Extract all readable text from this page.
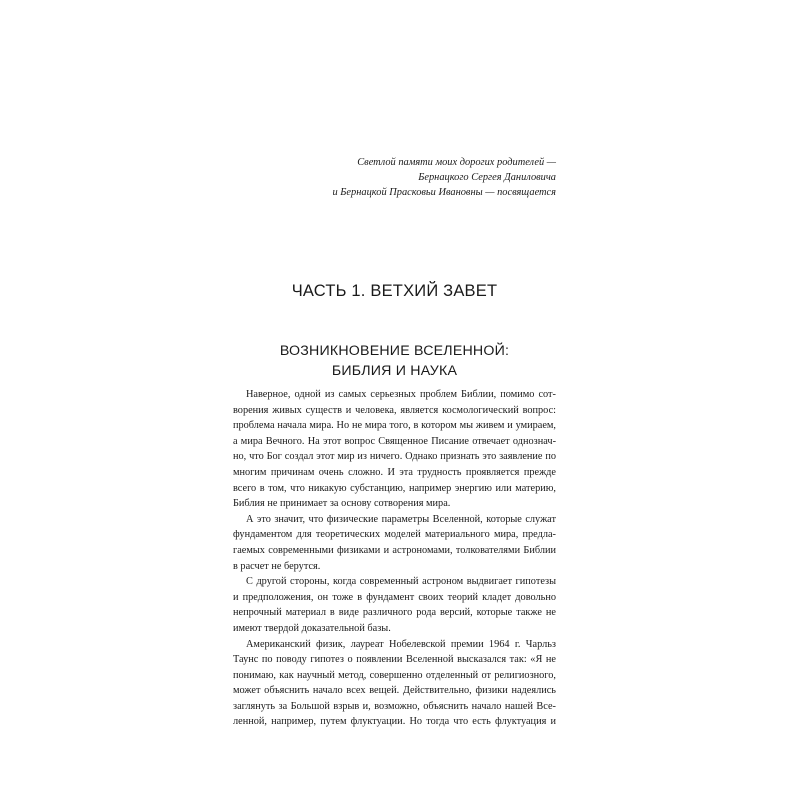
Светлой памяти моих дорогих родителей —
Бернацкого Сергея Даниловича
и Бернацкой Прасковьи Ивановны — посвящается
ЧАСТЬ 1. ВЕТХИЙ ЗАВЕТ
ВОЗНИКНОВЕНИЕ ВСЕЛЕННОЙ:
БИБЛИЯ И НАУКА

Наверное, одной из самых серьезных проблем Библии, помимо сот-
ворения живых существ и человека, является космологический вопрос:
проблема начала мира. Но не мира того, в котором мы живем и умираем,
а мира Вечного. На этот вопрос Священное Писание отвечает однознач-
но, что Бог создал этот мир из ничего. Однако признать это заявление по
многим причинам очень сложно. И эта трудность проявляется прежде
всего в том, что никакую субстанцию, например энергию или материю,
Библия не принимает за основу сотворения мира.

А это значит, что физические параметры Вселенной, которые служат
фундаментом для теоретических моделей материального мира, предла-
гаемых современными физиками и астрономами, толкователями Библии
в расчет не берутся.

С другой стороны, когда современный астроном выдвигает гипотезы
и предположения, он тоже в фундамент своих теорий кладет довольно
непрочный материал в виде различного рода версий, которые также не
имеют твердой доказательной базы.

Американский физик, лауреат Нобелевской премии 1964 г. Чарльз
Таунс по поводу гипотез о появлении Вселенной высказался так: «Я не
понимаю, как научный метод, совершенно отделенный от религиозного,
может объяснить начало всех вещей. Действительно, физики надеялись
заглянуть за Большой взрыв и, возможно, объяснить начало нашей Все-
ленной, например, путем флуктуации. Но тогда что есть флуктуация и
